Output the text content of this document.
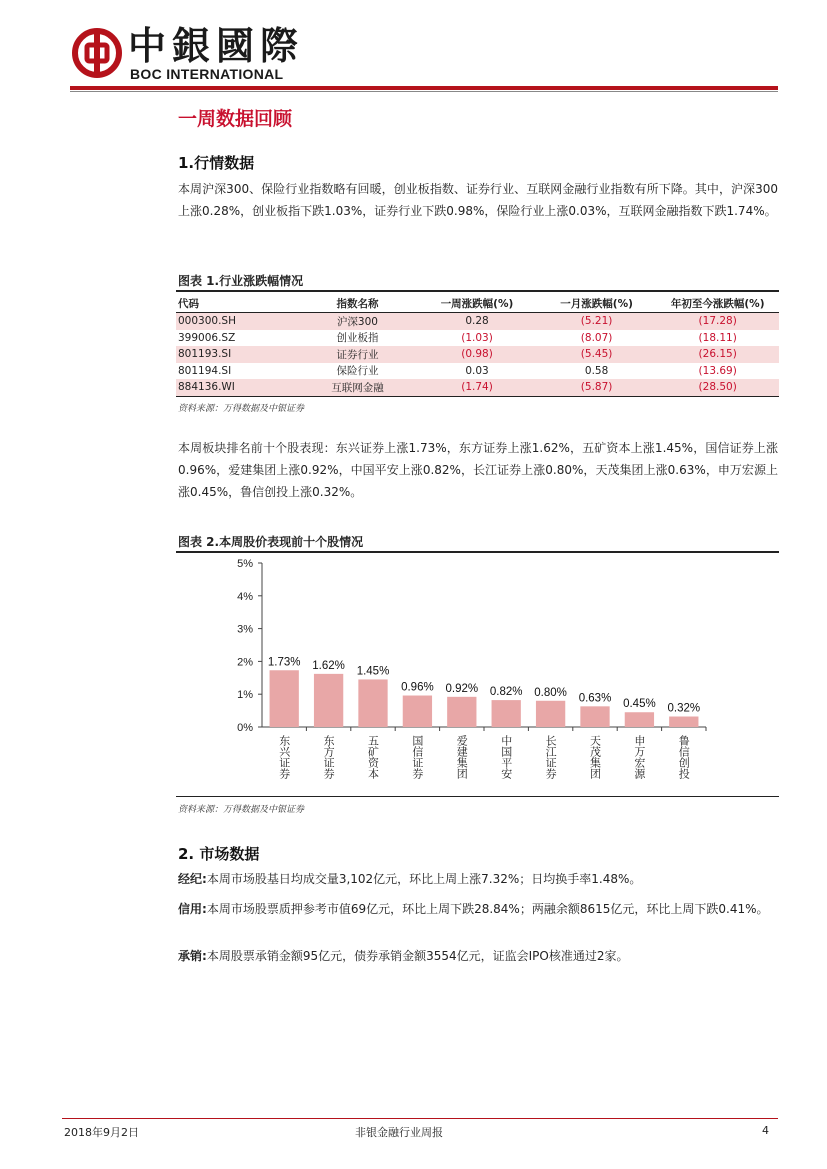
中銀國際
BOC INTERNATIONAL
一周数据回顾
1.行情数据
本周沪深300、保险行业指数略有回暖，创业板指数、证券行业、互联网金融行业指数有所下降。其中，沪深300上涨0.28%，创业板指下跌1.03%，证券行业下跌0.98%，保险行业上涨0.03%，互联网金融指数下跌1.74%。
图表 1.行业涨跌幅情况
代码	指数名称	一周涨跌幅(%)	一月涨跌幅(%)	年初至今涨跌幅(%)
000300.SH	沪深300	0.28	(5.21)	(17.28)
399006.SZ	创业板指	(1.03)	(8.07)	(18.11)
801193.SI	证券行业	(0.98)	(5.45)	(26.15)
801194.SI	保险行业	0.03	0.58	(13.69)
884136.WI	互联网金融	(1.74)	(5.87)	(28.50)
资料来源：万得数据及中银证券
本周板块排名前十个股表现：东兴证券上涨1.73%，东方证券上涨1.62%，五矿资本上涨1.45%，国信证券上涨0.96%，爱建集团上涨0.92%，中国平安上涨0.82%，长江证券上涨0.80%，天茂集团上涨0.63%，申万宏源上涨0.45%，鲁信创投上涨0.32%。
图表 2.本周股价表现前十个股情况
0%
1%
2%
3%
4%
5%
1.73%
东兴证券
1.62%
东方证券
1.45%
五矿资本
0.96%
国信证券
0.92%
爱建集团
0.82%
中国平安
0.80%
长江证券
0.63%
天茂集团
0.45%
申万宏源
0.32%
鲁信创投
资料来源：万得数据及中银证券
2. 市场数据
经纪:本周市场股基日均成交量3,102亿元，环比上周上涨7.32%；日均换手率1.48%。
信用:本周市场股票质押参考市值69亿元，环比上周下跌28.84%；两融余额8615亿元，环比上周下跌0.41%。
承销:本周股票承销金额95亿元，债券承销金额3554亿元，证监会IPO核准通过2家。
2018年9月2日	非银金融行业周报	4
